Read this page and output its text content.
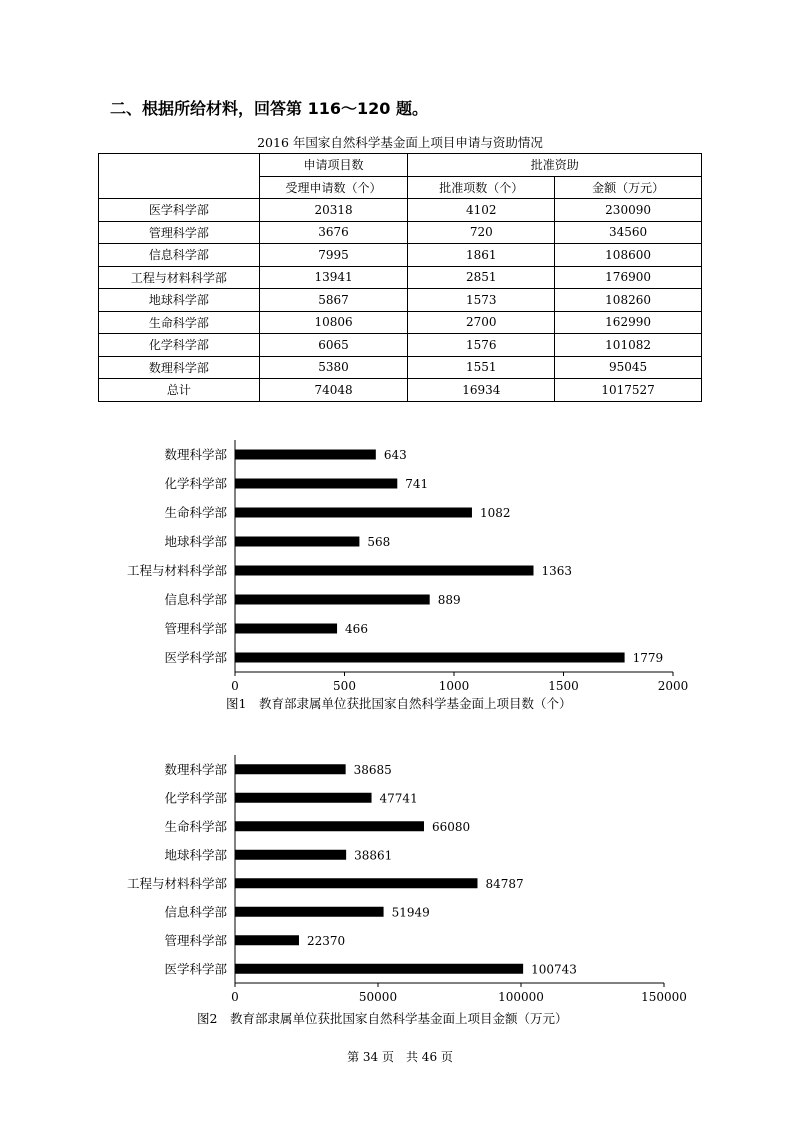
二、根据所给材料，回答第 116～120 题。
2016 年国家自然科学基金面上项目申请与资助情况
	申请项目数	批准资助	
	受理申请数（个）	批准项数（个）	金额（万元）
医学科学部	20318	4102	230090
管理科学部	3676	720	34560
信息科学部	7995	1861	108600
工程与材料科学部	13941	2851	176900
地球科学部	5867	1573	108260
生命科学部	10806	2700	162990
化学科学部	6065	1576	101082
数理科学部	5380	1551	95045
总计	74048	16934	1017527
0	500	1000	1500	2000
数理科学部	643
化学科学部	741
生命科学部	1082
地球科学部	568
工程与材料科学部	1363
信息科学部	889
管理科学部	466
医学科学部	1779
图1　教育部隶属单位获批国家自然科学基金面上项目数（个）
0	50000	100000	150000
数理科学部	38685
化学科学部	47741
生命科学部	66080
地球科学部	38861
工程与材料科学部	84787
信息科学部	51949
管理科学部	22370
医学科学部	100743
图2　教育部隶属单位获批国家自然科学基金面上项目金额（万元）
第 34 页　共 46 页
